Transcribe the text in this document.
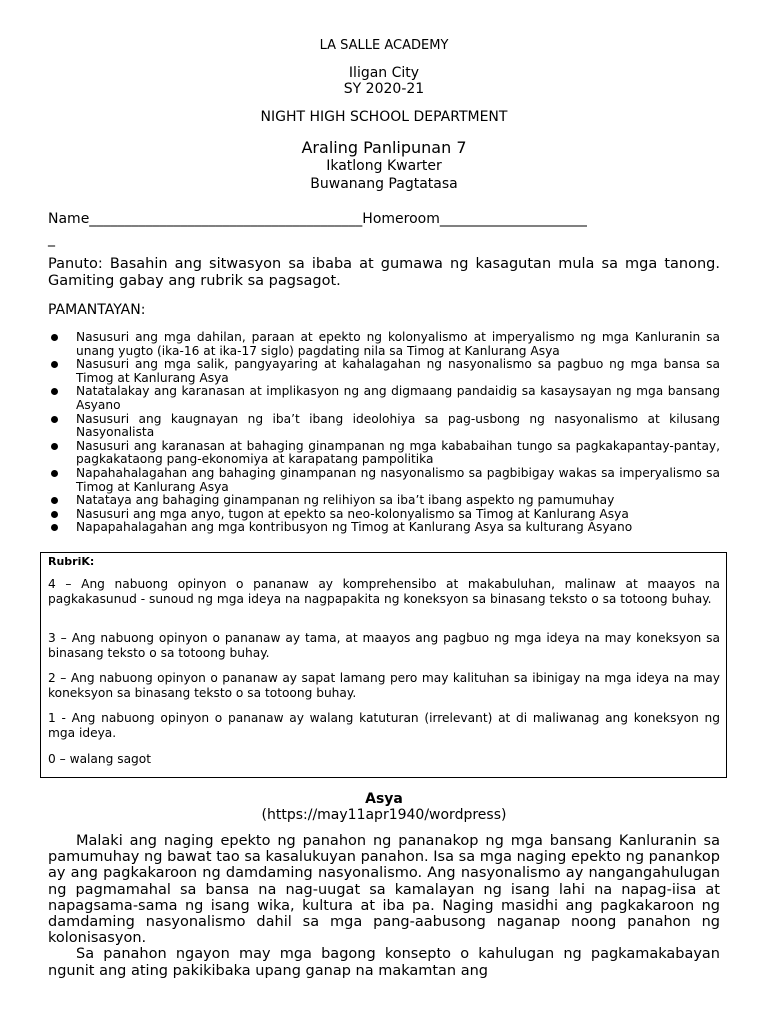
LA SALLE ACADEMY
Iligan City
SY 2020-21
NIGHT HIGH SCHOOL DEPARTMENT
Araling Panlipunan 7
Ikatlong Kwarter
Buwanang Pagtatasa
Name_______________________________________Homeroom_____________________
_
Panuto: Basahin ang sitwasyon sa ibaba at gumawa ng kasagutan mula sa mga tanong. Gamiting gabay ang rubrik sa pagsagot.
PAMANTAYAN:
Nasusuri ang mga dahilan, paraan at epekto ng kolonyalismo at imperyalismo ng mga Kanluranin sa unang yugto (ika-16 at ika-17 siglo) pagdating nila sa Timog at Kanlurang Asya
Nasusuri ang mga salik, pangyayaring at kahalagahan ng nasyonalismo sa pagbuo ng mga bansa sa Timog at Kanlurang Asya
Natatalakay ang karanasan at implikasyon ng ang digmaang pandaidig sa kasaysayan ng mga bansang Asyano
Nasusuri ang kaugnayan ng iba’t ibang ideolohiya sa pag-usbong ng nasyonalismo at kilusang Nasyonalista
Nasusuri ang karanasan at bahaging ginampanan ng mga kababaihan tungo sa pagkakapantay-pantay, pagkakataong pang-ekonomiya at karapatang pampolitika
Napahahalagahan ang bahaging ginampanan ng nasyonalismo sa pagbibigay wakas sa imperyalismo sa Timog at Kanlurang Asya
Natataya ang bahaging ginampanan ng relihiyon sa iba’t ibang aspekto ng pamumuhay
Nasusuri ang mga anyo, tugon at epekto sa neo-kolonyalismo sa Timog at Kanlurang Asya
Napapahalagahan ang mga kontribusyon ng Timog at Kanlurang Asya sa kulturang Asyano
RubriK:
4 – Ang nabuong opinyon o pananaw ay komprehensibo at makabuluhan, malinaw at maayos na pagkakasunud - sunoud ng mga ideya na nagpapakita ng koneksyon sa binasang teksto o sa totoong buhay.
3 – Ang nabuong opinyon o pananaw ay tama, at maayos ang pagbuo ng mga ideya na may koneksyon sa binasang teksto o sa totoong buhay.
2 – Ang nabuong opinyon o pananaw ay sapat lamang pero may kalituhan sa ibinigay na mga ideya na may koneksyon sa binasang teksto o sa totoong buhay.
1 - Ang nabuong opinyon o pananaw ay walang katuturan (irrelevant) at di maliwanag ang koneksyon ng mga ideya.
0 – walang sagot
Asya
(https://may11apr1940/wordpress)

Malaki ang naging epekto ng panahon ng pananakop ng mga bansang Kanluranin sa pamumuhay ng bawat tao sa kasalukuyan panahon. Isa sa mga naging epekto ng panankop ay ang pagkakaroon ng damdaming nasyonalismo. Ang nasyonalismo ay nangangahulugan ng pagmamahal sa bansa na nag-uugat sa kamalayan ng isang lahi na napag-iisa at napagsama-sama ng isang wika, kultura at iba pa. Naging masidhi ang pagkakaroon ng damdaming nasyonalismo dahil sa mga pang-aabusong naganap noong panahon ng kolonisasyon.

Sa panahon ngayon may mga bagong konsepto o kahulugan ng pagkamakabayan ngunit ang ating pakikibaka upang ganap na makamtan ang
